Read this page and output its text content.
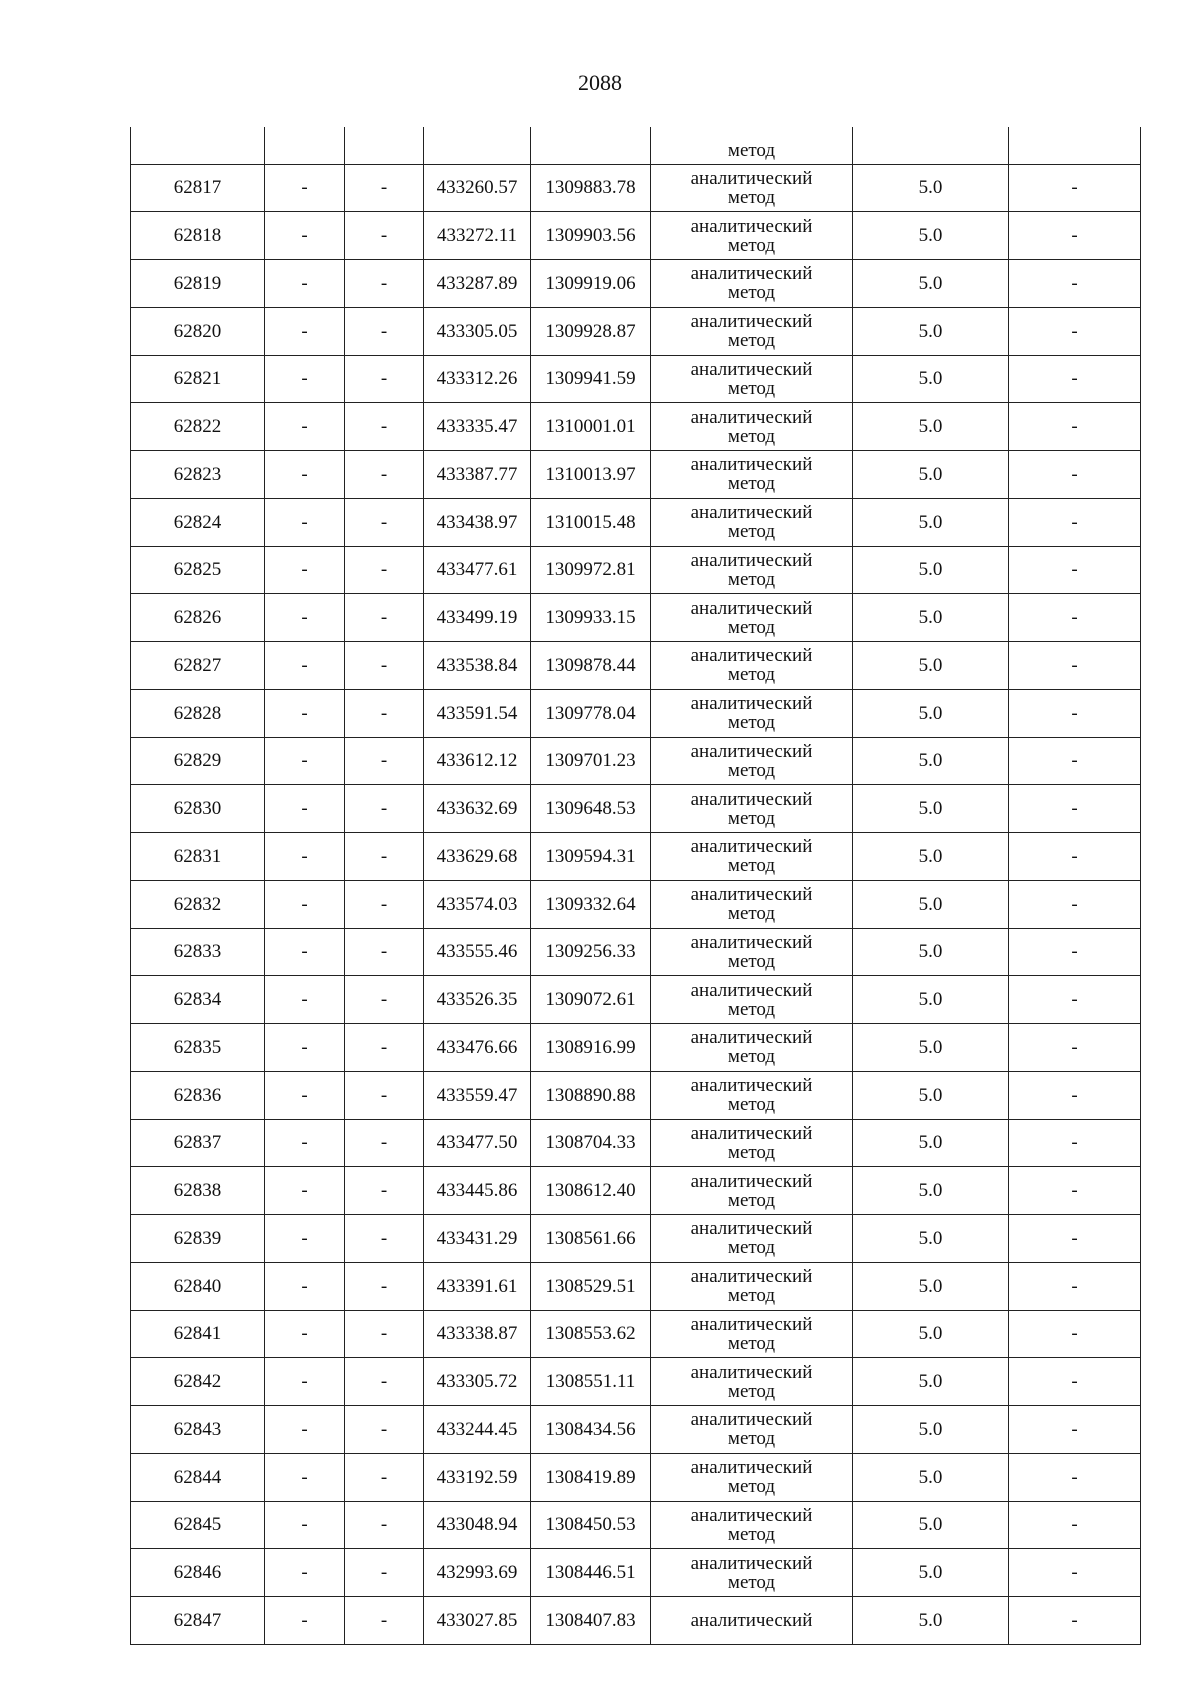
2088
					метод		
62817	-	-	433260.57	1309883.78	аналитический
метод	5.0	-
62818	-	-	433272.11	1309903.56	аналитический
метод	5.0	-
62819	-	-	433287.89	1309919.06	аналитический
метод	5.0	-
62820	-	-	433305.05	1309928.87	аналитический
метод	5.0	-
62821	-	-	433312.26	1309941.59	аналитический
метод	5.0	-
62822	-	-	433335.47	1310001.01	аналитический
метод	5.0	-
62823	-	-	433387.77	1310013.97	аналитический
метод	5.0	-
62824	-	-	433438.97	1310015.48	аналитический
метод	5.0	-
62825	-	-	433477.61	1309972.81	аналитический
метод	5.0	-
62826	-	-	433499.19	1309933.15	аналитический
метод	5.0	-
62827	-	-	433538.84	1309878.44	аналитический
метод	5.0	-
62828	-	-	433591.54	1309778.04	аналитический
метод	5.0	-
62829	-	-	433612.12	1309701.23	аналитический
метод	5.0	-
62830	-	-	433632.69	1309648.53	аналитический
метод	5.0	-
62831	-	-	433629.68	1309594.31	аналитический
метод	5.0	-
62832	-	-	433574.03	1309332.64	аналитический
метод	5.0	-
62833	-	-	433555.46	1309256.33	аналитический
метод	5.0	-
62834	-	-	433526.35	1309072.61	аналитический
метод	5.0	-
62835	-	-	433476.66	1308916.99	аналитический
метод	5.0	-
62836	-	-	433559.47	1308890.88	аналитический
метод	5.0	-
62837	-	-	433477.50	1308704.33	аналитический
метод	5.0	-
62838	-	-	433445.86	1308612.40	аналитический
метод	5.0	-
62839	-	-	433431.29	1308561.66	аналитический
метод	5.0	-
62840	-	-	433391.61	1308529.51	аналитический
метод	5.0	-
62841	-	-	433338.87	1308553.62	аналитический
метод	5.0	-
62842	-	-	433305.72	1308551.11	аналитический
метод	5.0	-
62843	-	-	433244.45	1308434.56	аналитический
метод	5.0	-
62844	-	-	433192.59	1308419.89	аналитический
метод	5.0	-
62845	-	-	433048.94	1308450.53	аналитический
метод	5.0	-
62846	-	-	432993.69	1308446.51	аналитический
метод	5.0	-
62847	-	-	433027.85	1308407.83	аналитический	5.0	-
